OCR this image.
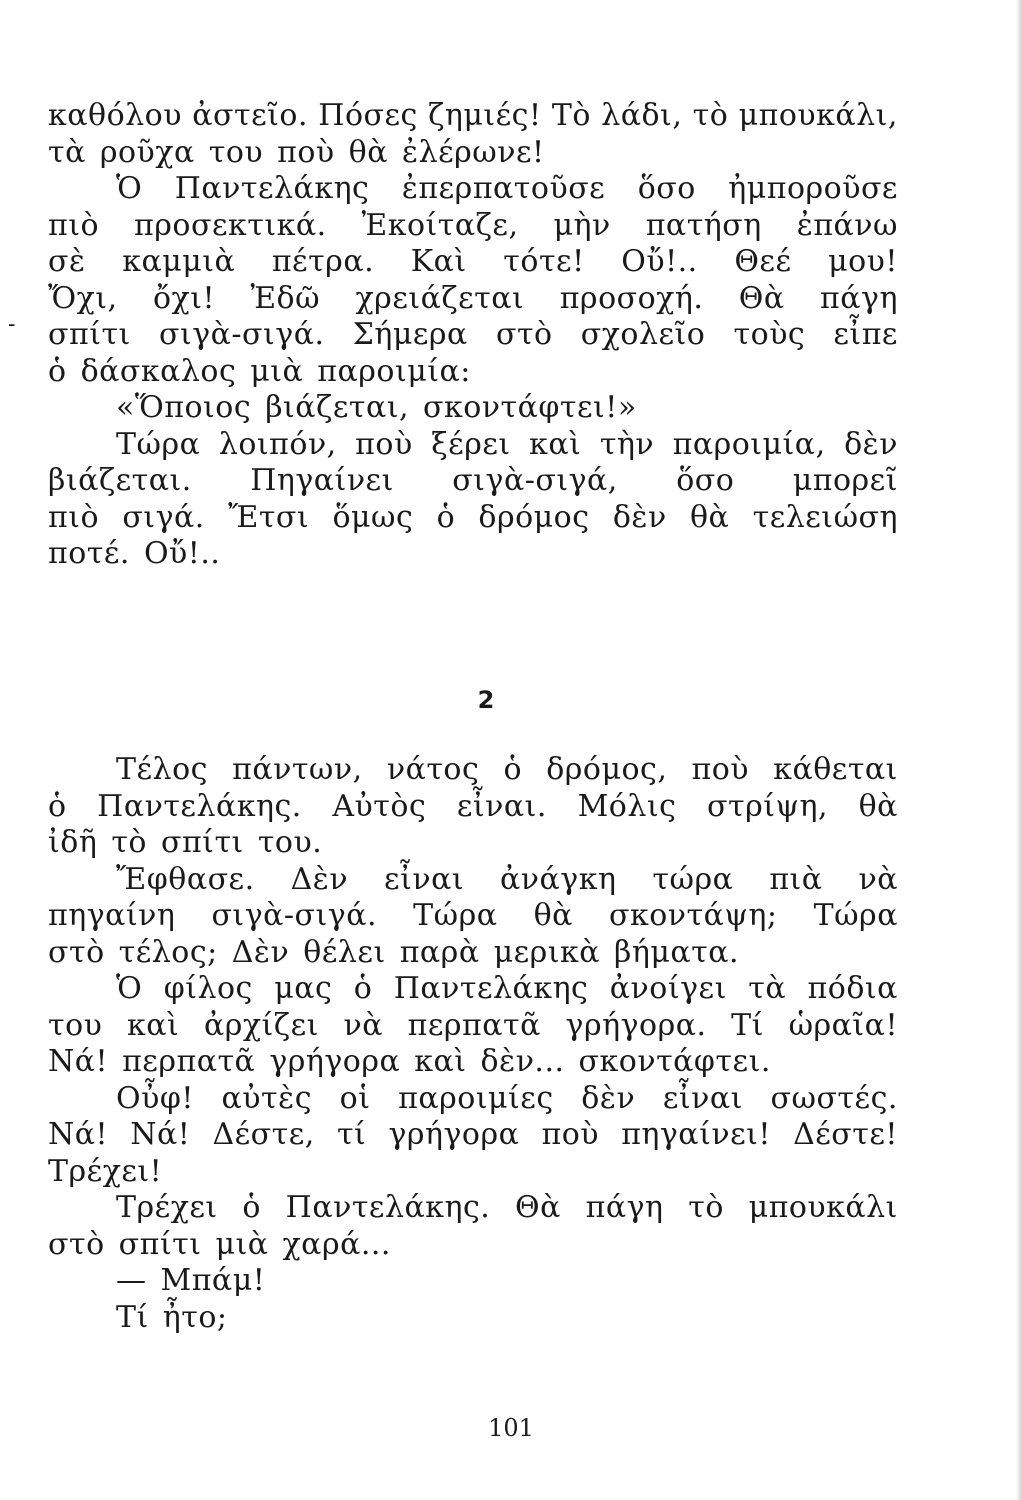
-
καθόλου ἀστεῖο. Πόσες ζημιές! Τὸ λάδι, τὸ μπουκάλι,
τὰ ροῦχα του ποὺ θὰ ἐλέρωνε!
Ὁ Παντελάκης ἐπερπατοῦσε ὅσο ἠμποροῦσε
πιὸ προσεκτικά. Ἐκοίταζε, μὴν πατήση ἐπάνω
σὲ καμμιὰ πέτρα. Καὶ τότε! Οὔ!.. Θεέ μου!
Ὄχι, ὄχι! Ἐδῶ χρειάζεται προσοχή. Θὰ πάγη
σπίτι σιγὰ-σιγά. Σήμερα στὸ σχολεῖο τοὺς εἶπε
ὁ δάσκαλος μιὰ παροιμία:
«Ὅποιος βιάζεται, σκοντάφτει!»
Τώρα λοιπόν, ποὺ ξέρει καὶ τὴν παροιμία, δὲν
βιάζεται. Πηγαίνει σιγὰ-σιγά, ὅσο μπορεῖ
πιὸ σιγά. Ἔτσι ὅμως ὁ δρόμος δὲν θὰ τελειώση
ποτέ. Οὔ!..
2
Τέλος πάντων, νάτος ὁ δρόμος, ποὺ κάθεται
ὁ Παντελάκης. Αὐτὸς εἶναι. Μόλις στρίψη, θὰ
ἰδῆ τὸ σπίτι του.
Ἔφθασε. Δὲν εἶναι ἀνάγκη τώρα πιὰ νὰ
πηγαίνη σιγὰ-σιγά. Τώρα θὰ σκοντάψη; Τώρα
στὸ τέλος; Δὲν θέλει παρὰ μερικὰ βήματα.
Ὁ φίλος μας ὁ Παντελάκης ἀνοίγει τὰ πόδια
του καὶ ἀρχίζει νὰ περπατᾶ γρήγορα. Τί ὡραῖα!
Νά! περπατᾶ γρήγορα καὶ δὲν... σκοντάφτει.
Οὖφ! αὐτὲς οἱ παροιμίες δὲν εἶναι σωστές.
Νά! Νά! Δέστε, τί γρήγορα ποὺ πηγαίνει! Δέστε!
Τρέχει!
Τρέχει ὁ Παντελάκης. Θὰ πάγη τὸ μπουκάλι
στὸ σπίτι μιὰ χαρά...
— Μπάμ!
Τί ἦτο;
101
